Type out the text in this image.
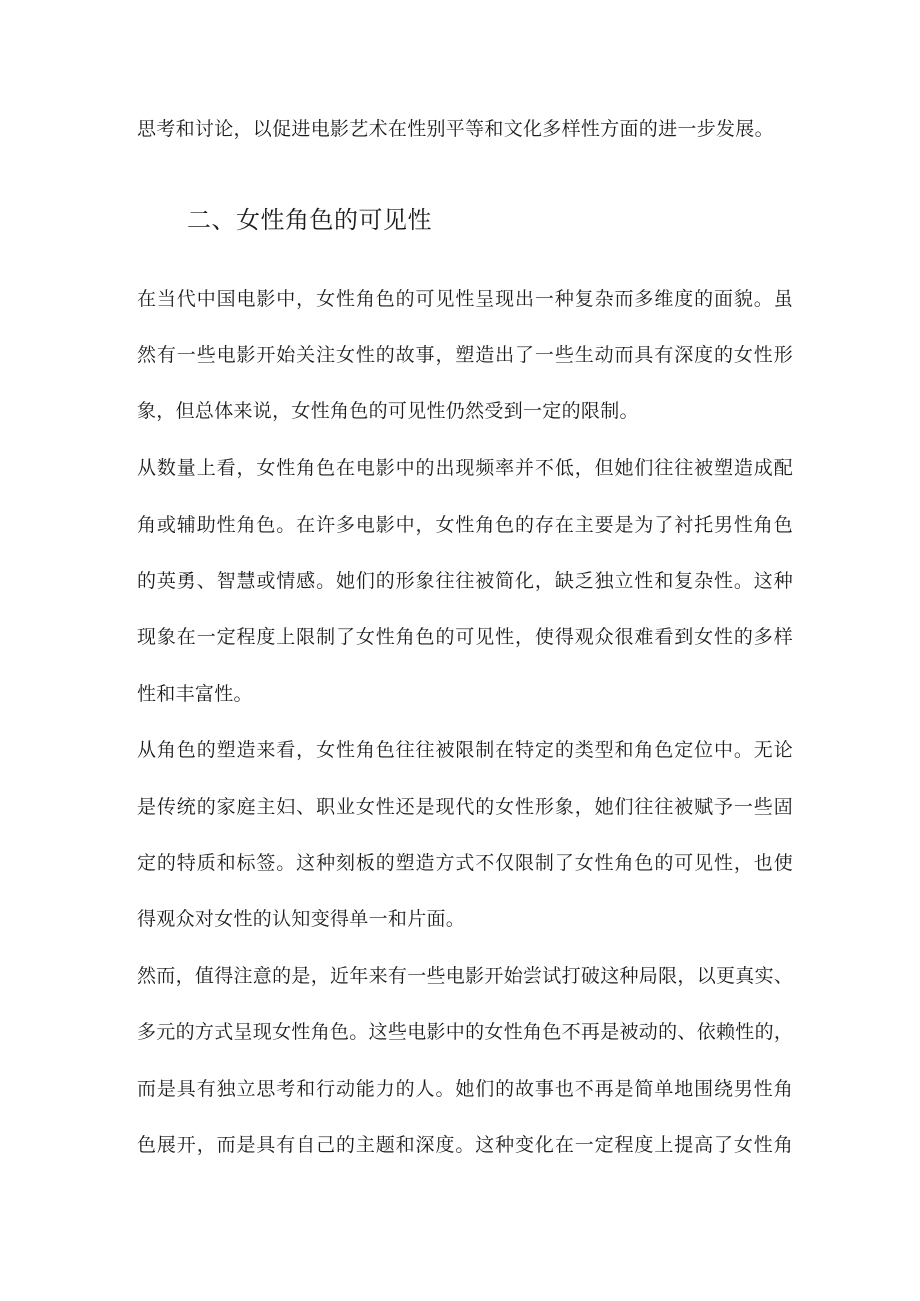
思考和讨论，以促进电影艺术在性别平等和文化多样性方面的进一步发展。
二、女性角色的可见性
在当代中国电影中，女性角色的可见性呈现出一种复杂而多维度的面貌。虽
然有一些电影开始关注女性的故事，塑造出了一些生动而具有深度的女性形
象，但总体来说，女性角色的可见性仍然受到一定的限制。
从数量上看，女性角色在电影中的出现频率并不低，但她们往往被塑造成配
角或辅助性角色。在许多电影中，女性角色的存在主要是为了衬托男性角色
的英勇、智慧或情感。她们的形象往往被简化，缺乏独立性和复杂性。这种
现象在一定程度上限制了女性角色的可见性，使得观众很难看到女性的多样
性和丰富性。
从角色的塑造来看，女性角色往往被限制在特定的类型和角色定位中。无论
是传统的家庭主妇、职业女性还是现代的女性形象，她们往往被赋予一些固
定的特质和标签。这种刻板的塑造方式不仅限制了女性角色的可见性，也使
得观众对女性的认知变得单一和片面。
然而，值得注意的是，近年来有一些电影开始尝试打破这种局限，以更真实、
多元的方式呈现女性角色。这些电影中的女性角色不再是被动的、依赖性的，
而是具有独立思考和行动能力的人。她们的故事也不再是简单地围绕男性角
色展开，而是具有自己的主题和深度。这种变化在一定程度上提高了女性角
